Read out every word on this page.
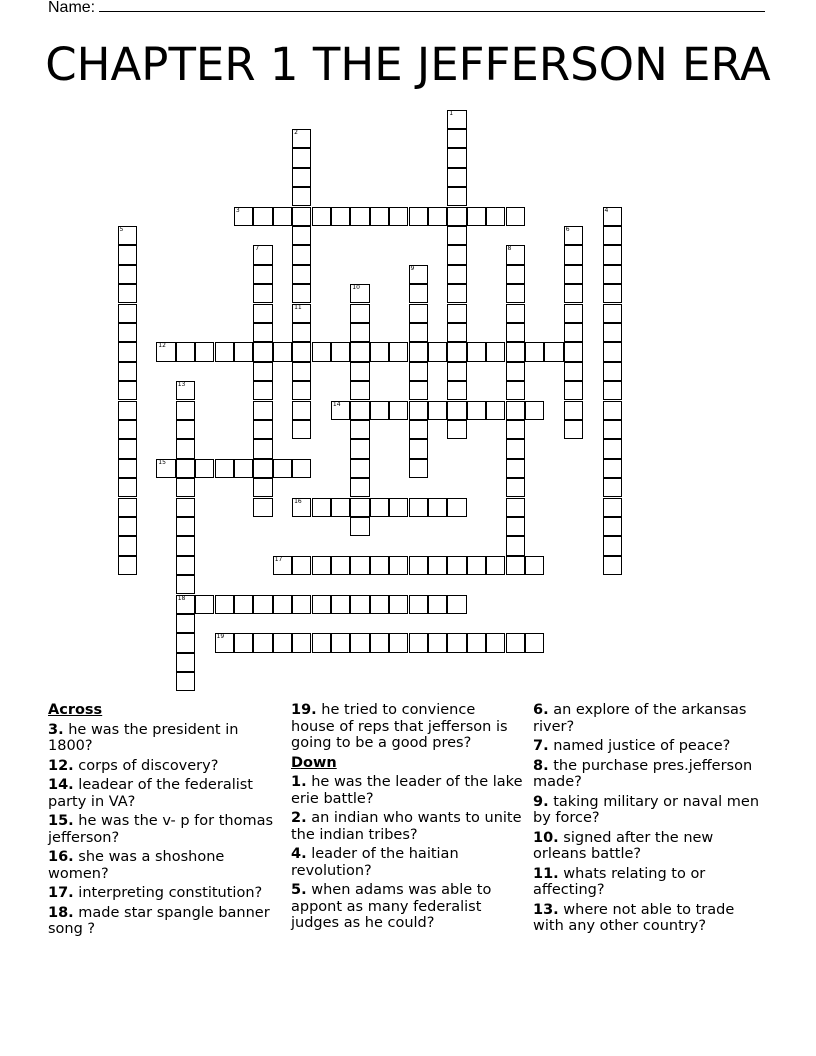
Name:
CHAPTER 1 THE JEFFERSON ERA
1
2
3	4
5	6
7	8
9
10
11
12
13
18
14
15
16
17
19
Across
3. he was the president in 1800?
12. corps of discovery?
14. leadear of the federalist party in VA?
15. he was the v- p for thomas jefferson?
16. she was a shoshone women?
17. interpreting constitution?
18. made star spangle banner song ?
19. he tried to convience house of reps that jefferson is going to be a good pres?
Down
1. he was the leader of the lake erie battle?
2. an indian who wants to unite the indian tribes?
4. leader of the haitian revolution?
5. when adams was able to appont as many federalist judges as he could?
6. an explore of the arkansas river?
7. named justice of peace?
8. the purchase pres.jefferson made?
9. taking military or naval men by force?
10. signed after the new orleans battle?
11. whats relating to or affecting?
13. where not able to trade with any other country?
